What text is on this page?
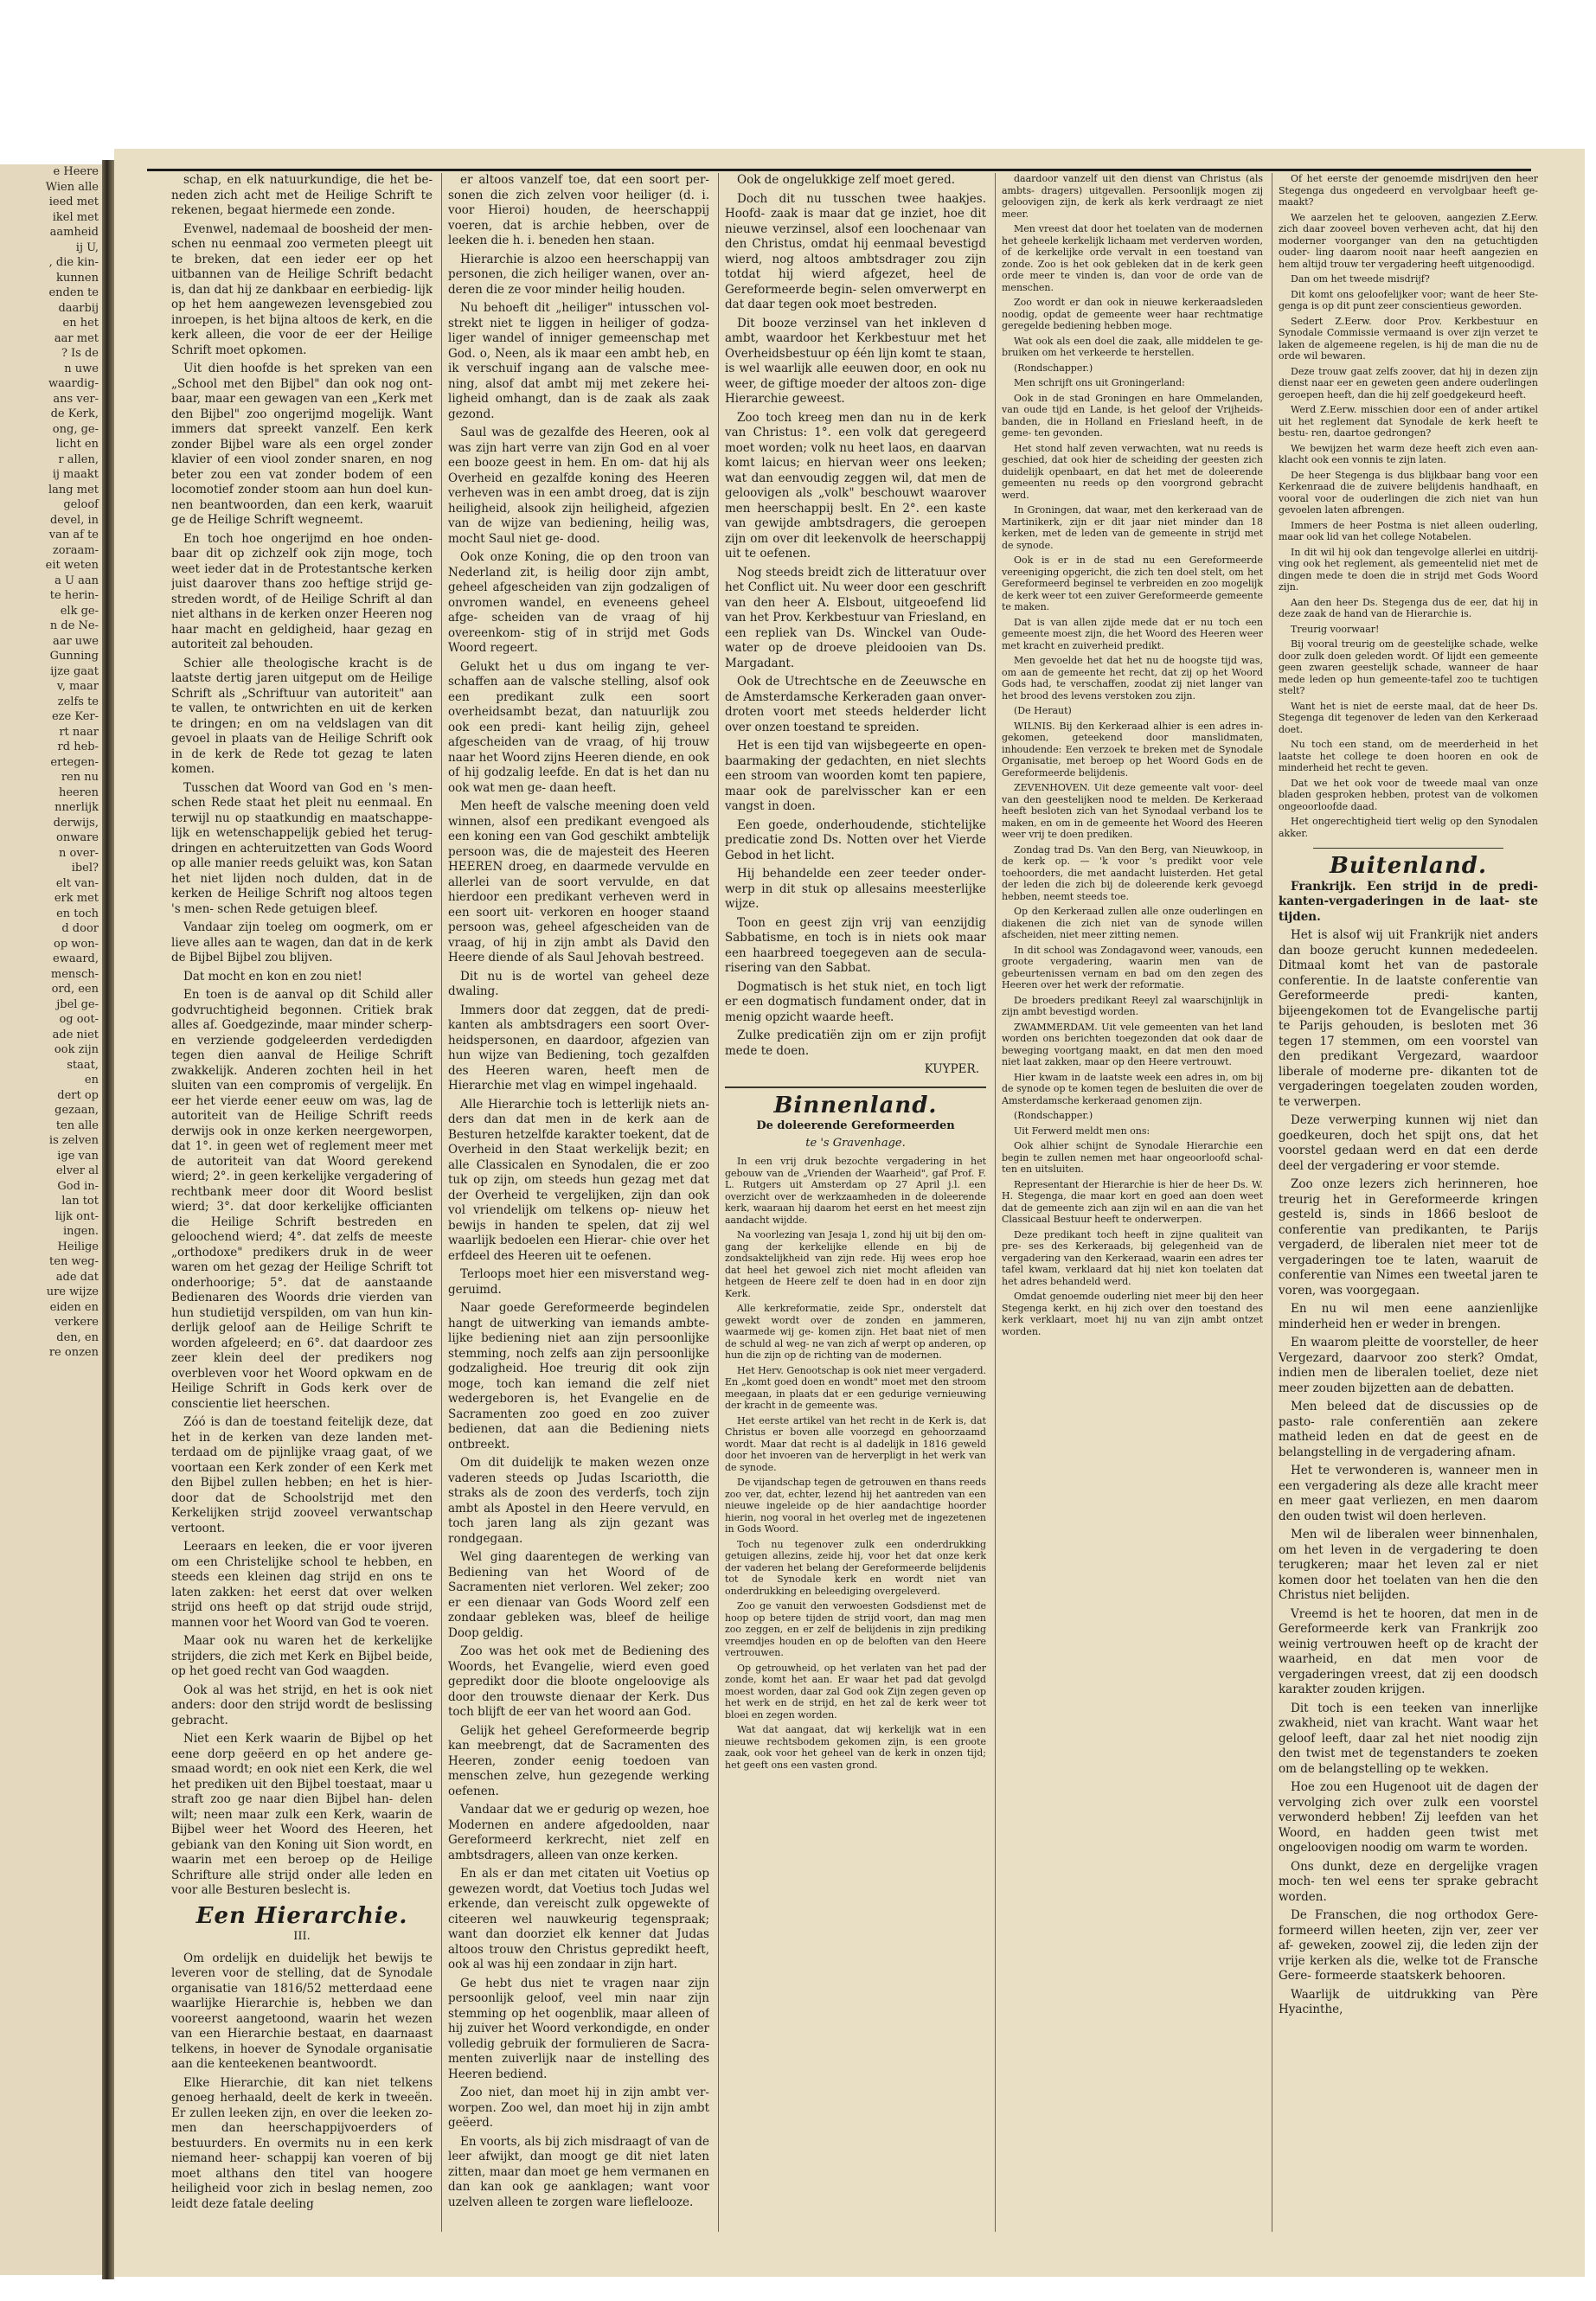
e Heere
Wien alle
ieed met
ikel met
aamheid
ij U,
, die kin-
kunnen
enden te
daarbij
en het
aar met
? Is de
n uwe
waardig-
ans ver-
de Kerk,
ong, ge-
licht en
r allen,
ij maakt
lang met
geloof
devel, in
van af te
zoraam-
eit weten
a U aan
te herin-
elk ge-
n de Ne-
aar uwe
Gunning
ijze gaat
v, maar
zelfs te
eze Ker-
rt naar
rd heb-
ertegen-
ren nu
heeren
nnerlijk
derwijs,
onware
n over-
ibel?
elt van-
erk met
en toch
d door
op won-
ewaard,
mensch-
ord, een
jbel ge-
og oot-
ade niet
ook zijn
staat,
en
dert op
gezaan,
ten alle
is zelven
ige van
elver al
God in-
lan tot
lijk ont-
ingen.
Heilige
ten weg-
ade dat
ure wijze
eiden en
verkere
den, en
re onzen

schap, en elk natuurkundige, die het be- neden zich acht met de Heilige Schrift te rekenen, begaat hiermede een zonde.

Evenwel, nademaal de boosheid der men- schen nu eenmaal zoo vermeten pleegt uit te breken, dat een ieder eer op het uitbannen van de Heilige Schrift bedacht is, dan dat hij ze dankbaar en eerbiedig- lijk op het hem aangewezen levensgebied zou inroepen, is het bijna altoos de kerk, en die kerk alleen, die voor de eer der Heilige Schrift moet opkomen.

Uit dien hoofde is het spreken van een „School met den Bijbel" dan ook nog ont- baar, maar een gewagen van een „Kerk met den Bijbel" zoo ongerijmd mogelijk. Want immers dat spreekt vanzelf. Een kerk zonder Bijbel ware als een orgel zonder klavier of een viool zonder snaren, en nog beter zou een vat zonder bodem of een locomotief zonder stoom aan hun doel kun- nen beantwoorden, dan een kerk, waaruit ge de Heilige Schrift wegneemt.

En toch hoe ongerijmd en hoe onden- baar dit op zichzelf ook zijn moge, toch weet ieder dat in de Protestantsche kerken juist daarover thans zoo heftige strijd ge- streden wordt, of de Heilige Schrift al dan niet althans in de kerken onzer Heeren nog haar macht en geldigheid, haar gezag en autoriteit zal behouden.

Schier alle theologische kracht is de laatste dertig jaren uitgeput om de Heilige Schrift als „Schriftuur van autoriteit" aan te vallen, te ontwrichten en uit de kerken te dringen; en om na veldslagen van dit gevoel in plaats van de Heilige Schrift ook in de kerk de Rede tot gezag te laten komen.

Tusschen dat Woord van God en 's men- schen Rede staat het pleit nu eenmaal. En terwijl nu op staatkundig en maatschappe- lijk en wetenschappelijk gebied het terug- dringen en achteruitzetten van Gods Woord op alle manier reeds geluikt was, kon Satan het niet lijden noch dulden, dat in de kerken de Heilige Schrift nog altoos tegen 's men- schen Rede getuigen bleef.

Vandaar zijn toeleg om oogmerk, om er lieve alles aan te wagen, dan dat in de kerk de Bijbel Bijbel zou blijven.

Dat mocht en kon en zou niet!

En toen is de aanval op dit Schild aller godvruchtigheid begonnen. Critiek brak alles af. Goedgezinde, maar minder scherp- en verziende godgeleerden verdedigden tegen dien aanval de Heilige Schrift zwakkelijk. Anderen zochten heil in het sluiten van een compromis of vergelijk. En eer het vierde eener eeuw om was, lag de autoriteit van de Heilige Schrift reeds derwijs ook in onze kerken neergeworpen, dat 1°. in geen wet of reglement meer met de autoriteit van dat Woord gerekend wierd; 2°. in geen kerkelijke vergadering of rechtbank meer door dit Woord beslist wierd; 3°. dat door kerkelijke officianten die Heilige Schrift bestreden en geloochend wierd; 4°. dat zelfs de meeste „orthodoxe" predikers druk in de weer waren om het gezag der Heilige Schrift tot onderhoorige; 5°. dat de aanstaande Bedienaren des Woords drie vierden van hun studietijd verspilden, om van hun kin- derlijk geloof aan de Heilige Schrift te worden afgeleerd; en 6°. dat daardoor zes zeer klein deel der predikers nog overbleven voor het Woord opkwam en de Heilige Schrift in Gods kerk over de conscientie liet heerschen.

Zóó is dan de toestand feitelijk deze, dat het in de kerken van deze landen met- terdaad om de pijnlijke vraag gaat, of we voortaan een Kerk zonder of een Kerk met den Bijbel zullen hebben; en het is hier- door dat de Schoolstrijd met den Kerkelijken strijd zooveel verwantschap vertoont.

Leeraars en leeken, die er voor ijveren om een Christelijke school te hebben, en steeds een kleinen dag strijd en ons te laten zakken: het eerst dat over welken strijd ons heeft op dat strijd oude strijd, mannen voor het Woord van God te voeren.

Maar ook nu waren het de kerkelijke strijders, die zich met Kerk en Bijbel beide, op het goed recht van God waagden.

Ook al was het strijd, en het is ook niet anders: door den strijd wordt de beslissing gebracht.

Niet een Kerk waarin de Bijbel op het eene dorp geëerd en op het andere ge- smaad wordt; en ook niet een Kerk, die wel het prediken uit den Bijbel toestaat, maar u straft zoo ge naar dien Bijbel han- delen wilt; neen maar zulk een Kerk, waarin de Bijbel weer het Woord des Heeren, het gebiank van den Koning uit Sion wordt, en waarin met een beroep op de Heilige Schrifture alle strijd onder alle leden en voor alle Besturen beslecht is.

Een Hierarchie.
III.

Om ordelijk en duidelijk het bewijs te leveren voor de stelling, dat de Synodale organisatie van 1816/52 metterdaad eene waarlijke Hierarchie is, hebben we dan vooreerst aangetoond, waarin het wezen van een Hierarchie bestaat, en daarnaast telkens, in hoever de Synodale organisatie aan die kenteekenen beantwoordt.

Elke Hierarchie, dit kan niet telkens genoeg herhaald, deelt de kerk in tweeën. Er zullen leeken zijn, en over die leeken zo- men dan heerschappijvoerders of bestuurders. En overmits nu in een kerk niemand heer- schappij kan voeren of bij moet althans den titel van hoogere heiligheid voor zich in beslag nemen, zoo leidt deze fatale deeling

er altoos vanzelf toe, dat een soort per- sonen die zich zelven voor heiliger (d. i. voor Hieroi) houden, de heerschappij voeren, dat is archie hebben, over de leeken die h. i. beneden hen staan.

Hierarchie is alzoo een heerschappij van personen, die zich heiliger wanen, over an- deren die ze voor minder heilig houden.

Nu behoeft dit „heiliger" intusschen vol- strekt niet te liggen in heiliger of godza- liger wandel of inniger gemeenschap met God. o, Neen, als ik maar een ambt heb, en ik verschuif ingang aan de valsche mee- ning, alsof dat ambt mij met zekere hei- ligheid omhangt, dan is de zaak als zaak gezond.

Saul was de gezalfde des Heeren, ook al was zijn hart verre van zijn God en al voer een booze geest in hem. En om- dat hij als Overheid en gezalfde koning des Heeren verheven was in een ambt droeg, dat is zijn heiligheid, alsook zijn heiligheid, afgezien van de wijze van bediening, heilig was, mocht Saul niet ge- dood.

Ook onze Koning, die op den troon van Nederland zit, is heilig door zijn ambt, geheel afgescheiden van zijn godzaligen of onvromen wandel, en eveneens geheel afge- scheiden van de vraag of hij overeenkom- stig of in strijd met Gods Woord regeert.

Gelukt het u dus om ingang te ver- schaffen aan de valsche stelling, alsof ook een predikant zulk een soort overheidsambt bezat, dan natuurlijk zou ook een predi- kant heilig zijn, geheel afgescheiden van de vraag, of hij trouw naar het Woord zijns Heeren diende, en ook of hij godzalig leefde. En dat is het dan nu ook wat men ge- daan heeft.

Men heeft de valsche meening doen veld winnen, alsof een predikant evengoed als een koning een van God geschikt ambtelijk persoon was, die de majesteit des Heeren HEEREN droeg, en daarmede vervulde en allerlei van de soort vervulde, en dat hierdoor een predikant verheven werd in een soort uit- verkoren en hooger staand persoon was, geheel afgescheiden van de vraag, of hij in zijn ambt als David den Heere diende of als Saul Jehovah bestreed.

Dit nu is de wortel van geheel deze dwaling.

Immers door dat zeggen, dat de predi- kanten als ambtsdragers een soort Over- heidspersonen, en daardoor, afgezien van hun wijze van Bediening, toch gezalfden des Heeren waren, heeft men de Hierarchie met vlag en wimpel ingehaald.

Alle Hierarchie toch is letterlijk niets an- ders dan dat men in de kerk aan de Besturen hetzelfde karakter toekent, dat de Overheid in den Staat werkelijk bezit; en alle Classicalen en Synodalen, die er zoo tuk op zijn, om steeds hun gezag met dat der Overheid te vergelijken, zijn dan ook vol vriendelijk om telkens op- nieuw het bewijs in handen te spelen, dat zij wel waarlijk bedoelen een Hierar- chie over het erfdeel des Heeren uit te oefenen.

Terloops moet hier een misverstand weg- geruimd.

Naar goede Gereformeerde begindelen hangt de uitwerking van iemands ambte- lijke bediening niet aan zijn persoonlijke stemming, noch zelfs aan zijn persoonlijke godzaligheid. Hoe treurig dit ook zijn moge, toch kan iemand die zelf niet wedergeboren is, het Evangelie en de Sacramenten zoo goed en zoo zuiver bedienen, dat aan die Bediening niets ontbreekt.

Om dit duidelijk te maken wezen onze vaderen steeds op Judas Iscariotth, die straks als de zoon des verderfs, toch zijn ambt als Apostel in den Heere vervuld, en toch jaren lang als zijn gezant was rondgegaan.

Wel ging daarentegen de werking van Bediening van het Woord of de Sacramenten niet verloren. Wel zeker; zoo er een dienaar van Gods Woord zelf een zondaar gebleken was, bleef de heilige Doop geldig.

Zoo was het ook met de Bediening des Woords, het Evangelie, wierd even goed gepredikt door die bloote ongeloovige als door den trouwste dienaar der Kerk. Dus toch blijft de eer van het woord aan God.

Gelijk het geheel Gereformeerde begrip kan meebrengt, dat de Sacramenten des Heeren, zonder eenig toedoen van menschen zelve, hun gezegende werking oefenen.

Vandaar dat we er gedurig op wezen, hoe Modernen en andere afgedoolden, naar Gereformeerd kerkrecht, niet zelf en ambtsdragers, alleen van onze kerken.

En als er dan met citaten uit Voetius op gewezen wordt, dat Voetius toch Judas wel erkende, dan vereischt zulk opgewekte of citeeren wel nauwkeurig tegenspraak; want dan doorziet elk kenner dat Judas altoos trouw den Christus gepredikt heeft, ook al was hij een zondaar in zijn hart.

Ge hebt dus niet te vragen naar zijn persoonlijk geloof, veel min naar zijn stemming op het oogenblik, maar alleen of hij zuiver het Woord verkondigde, en onder volledig gebruik der formulieren de Sacra- menten zuiverlijk naar de instelling des Heeren bediend.

Zoo niet, dan moet hij in zijn ambt ver- worpen. Zoo wel, dan moet hij in zijn ambt geëerd.

En voorts, als bij zich misdraagt of van de leer afwijkt, dan moogt ge dit niet laten zitten, maar dan moet ge hem vermanen en dan kan ook ge aanklagen; want voor uzelven alleen te zorgen ware lieflelooze.

Ook de ongelukkige zelf moet gered.

Doch dit nu tusschen twee haakjes. Hoofd- zaak is maar dat ge inziet, hoe dit nieuwe verzinsel, alsof een loochenaar van den Christus, omdat hij eenmaal bevestigd wierd, nog altoos ambtsdrager zou zijn totdat hij wierd afgezet, heel de Gereformeerde begin- selen omverwerpt en dat daar tegen ook moet bestreden.

Dit booze verzinsel van het inkleven d ambt, waardoor het Kerkbestuur met het Overheidsbestuur op één lijn komt te staan, is wel waarlijk alle eeuwen door, en ook nu weer, de giftige moeder der altoos zon- dige Hierarchie geweest.

Zoo toch kreeg men dan nu in de kerk van Christus: 1°. een volk dat geregeerd moet worden; volk nu heet laos, en daarvan komt laicus; en hiervan weer ons leeken; wat dan eenvoudig zeggen wil, dat men de geloovigen als „volk" beschouwt waarover men heerschappij beslt. En 2°. een kaste van gewijde ambtsdragers, die geroepen zijn om over dit leekenvolk de heerschappij uit te oefenen.

Nog steeds breidt zich de litteratuur over het Conflict uit. Nu weer door een geschrift van den heer A. Elsbout, uitgeoefend lid van het Prov. Kerkbestuur van Friesland, en een repliek van Ds. Winckel van Oude- water op de droeve pleidooien van Ds. Margadant.

Ook de Utrechtsche en de Zeeuwsche en de Amsterdamsche Kerkeraden gaan onver- droten voort met steeds helderder licht over onzen toestand te spreiden.

Het is een tijd van wijsbegeerte en open- baarmaking der gedachten, en niet slechts een stroom van woorden komt ten papiere, maar ook de parelvisscher kan er een vangst in doen.

Een goede, onderhoudende, stichtelijke predicatie zond Ds. Notten over het Vierde Gebod in het licht.

Hij behandelde een zeer teeder onder- werp in dit stuk op allesains meesterlijke wijze.

Toon en geest zijn vrij van eenzijdig Sabbatisme, en toch is in niets ook maar een haarbreed toegegeven aan de secula- risering van den Sabbat.

Dogmatisch is het stuk niet, en toch ligt er een dogmatisch fundament onder, dat in menig opzicht waarde heeft.

Zulke predicatiën zijn om er zijn profijt mede te doen.

KUYPER.
Binnenland.
De doleerende Gereformeerden
te 's Gravenhage.

In een vrij druk bezochte vergadering in het gebouw van de „Vrienden der Waarheid", gaf Prof. F. L. Rutgers uit Amsterdam op 27 April j.l. een overzicht over de werkzaamheden in de doleerende kerk, waaraan hij daarom het eerst en het meest zijn aandacht wijdde.

Na voorlezing van Jesaja 1, zond hij uit bij den om- gang der kerkelijke ellende en bij de zondsaktelijkheid van zijn rede. Hij wees erop hoe dat heel het gewoel zich niet mocht afleiden van hetgeen de Heere zelf te doen had in en door zijn Kerk.

Alle kerkreformatie, zeide Spr., onderstelt dat gewekt wordt over de zonden en jammeren, waarmede wij ge- komen zijn. Het baat niet of men de schuld al weg- ne van zich af werpt op anderen, op hun die zijn op de richting van de modernen.

Het Herv. Genootschap is ook niet meer vergaderd. En „komt goed doen en wondt" moet met den stroom meegaan, in plaats dat er een gedurige vernieuwing der kracht in de gemeente was.

Het eerste artikel van het recht in de Kerk is, dat Christus er boven alle voorzegd en gehoorzaamd wordt. Maar dat recht is al dadelijk in 1816 geweld door het invoeren van de herverpligt in het werk van de synode.

De vijandschap tegen de getrouwen en thans reeds zoo ver, dat, echter, lezend hij het aantreden van een nieuwe ingeleide op de hier aandachtige hoorder hierin, nog vooral in het overleg met de ingezetenen in Gods Woord.

Toch nu tegenover zulk een onderdrukking getuigen allezins, zeide hij, voor het dat onze kerk der vaderen het belang der Gereformeerde belijdenis tot de Synodale kerk en wordt niet van onderdrukking en beleediging overgeleverd.

Zoo ge vanuit den verwoesten Godsdienst met de hoop op betere tijden de strijd voort, dan mag men zoo zeggen, en er zelf de belijdenis in zijn prediking vreemdjes houden en op de beloften van den Heere vertrouwen.

Op getrouwheid, op het verlaten van het pad der zonde, komt het aan. Er waar het pad dat gevolgd moest worden, daar zal God ook Zijn zegen geven op het werk en de strijd, en het zal de kerk weer tot bloei en zegen worden.

Wat dat aangaat, dat wij kerkelijk wat in een nieuwe rechtsbodem gekomen zijn, is een groote zaak, ook voor het geheel van de kerk in onzen tijd; het geeft ons een vasten grond.

daardoor vanzelf uit den dienst van Christus (als ambts- dragers) uitgevallen. Persoonlijk mogen zij geloovigen zijn, de kerk als kerk verdraagt ze niet meer.

Men vreest dat door het toelaten van de modernen het geheele kerkelijk lichaam met verderven worden, of de kerkelijke orde vervalt in een toestand van zonde. Zoo is het ook gebleken dat in de kerk geen orde meer te vinden is, dan voor de orde van de menschen.

Zoo wordt er dan ook in nieuwe kerkeraadsleden noodig, opdat de gemeente weer haar rechtmatige geregelde bediening hebben moge.

Wat ook als een doel die zaak, alle middelen te ge- bruiken om het verkeerde te herstellen.

(Rondschapper.)

Men schrijft ons uit Groningerland:

Ook in de stad Groningen en hare Ommelanden, van oude tijd en Lande, is het geloof der Vrijheids- banden, die in Holland en Friesland heeft, in de geme- ten gevonden.

Het stond half zeven verwachten, wat nu reeds is geschied, dat ook hier de scheiding der geesten zich duidelijk openbaart, en dat het met de doleerende gemeenten nu reeds op den voorgrond gebracht werd.

In Groningen, dat waar, met den kerkeraad van de Martinikerk, zijn er dit jaar niet minder dan 18 kerken, met de leden van de gemeente in strijd met de synode.

Ook is er in de stad nu een Gereformeerde vereeniging opgericht, die zich ten doel stelt, om het Gereformeerd beginsel te verbreiden en zoo mogelijk de kerk weer tot een zuiver Gereformeerde gemeente te maken.

Dat is van allen zijde mede dat er nu toch een gemeente moest zijn, die het Woord des Heeren weer met kracht en zuiverheid predikt.

Men gevoelde het dat het nu de hoogste tijd was, om aan de gemeente het recht, dat zij op het Woord Gods had, te verschaffen, zoodat zij niet langer van het brood des levens verstoken zou zijn.

(De Heraut)

WILNIS. Bij den Kerkeraad alhier is een adres in- gekomen, geteekend door manslidmaten, inhoudende: Een verzoek te breken met de Synodale Organisatie, met beroep op het Woord Gods en de Gereformeerde belijdenis.

ZEVENHOVEN. Uit deze gemeente valt voor- deel van den geestelijken nood te melden. De Kerkeraad heeft besloten zich van het Synodaal verband los te maken, en om in de gemeente het Woord des Heeren weer vrij te doen prediken.

Zondag trad Ds. Van den Berg, van Nieuwkoop, in de kerk op. — 'k voor 's predikt voor vele toehoorders, die met aandacht luisterden. Het getal der leden die zich bij de doleerende kerk gevoegd hebben, neemt steeds toe.

Op den Kerkeraad zullen alle onze ouderlingen en diakenen die zich niet van de synode willen afscheiden, niet meer zitting nemen.

In dit school was Zondagavond weer, vanouds, een groote vergadering, waarin men van de gebeurtenissen vernam en bad om den zegen des Heeren over het werk der reformatie.

De broeders predikant Reeyl zal waarschijnlijk in zijn ambt bevestigd worden.

ZWAMMERDAM. Uit vele gemeenten van het land worden ons berichten toegezonden dat ook daar de beweging voortgang maakt, en dat men den moed niet laat zakken, maar op den Heere vertrouwt.

Hier kwam in de laatste week een adres in, om bij de synode op te komen tegen de besluiten die over de Amsterdamsche kerkeraad genomen zijn.

(Rondschapper.)

Uit Ferwerd meldt men ons:

Ook alhier schijnt de Synodale Hierarchie een begin te zullen nemen met haar ongeoorloofd schal- ten en uitsluiten.

Representant der Hierarchie is hier de heer Ds. W. H. Stegenga, die maar kort en goed aan doen weet dat de gemeente zich aan zijn wil en aan die van het Classicaal Bestuur heeft te onderwerpen.

Deze predikant toch heeft in zijne qualiteit van pre- ses des Kerkeraads, bij gelegenheid van de vergadering van den Kerkeraad, waarin een adres ter tafel kwam, verklaard dat hij niet kon toelaten dat het adres behandeld werd.

Omdat genoemde ouderling niet meer bij den heer Stegenga kerkt, en hij zich over den toestand des kerk verklaart, moet hij nu van zijn ambt ontzet worden.

Of het eerste der genoemde misdrijven den heer Stegenga dus ongedeerd en vervolgbaar heeft ge- maakt?

We aarzelen het te gelooven, aangezien Z.Eerw. zich daar zooveel boven verheven acht, dat hij den moderner voorganger van den na getuchtigden ouder- ling daarom nooit naar heeft aangezien en hem altijd trouw ter vergadering heeft uitgenoodigd.

Dan om het tweede misdrijf?

Dit komt ons geloofelijker voor; want de heer Ste- genga is op dit punt zeer conscientieus geworden.

Sedert Z.Eerw. door Prov. Kerkbestuur en Synodale Commissie vermaand is over zijn verzet te laken de algemeene regelen, is hij de man die nu de orde wil bewaren.

Deze trouw gaat zelfs zoover, dat hij in dezen zijn dienst naar eer en geweten geen andere ouderlingen geroepen heeft, dan die hij zelf goedgekeurd heeft.

Werd Z.Eerw. misschien door een of ander artikel uit het reglement dat Synodale de kerk heeft te bestu- ren, daartoe gedrongen?

We bewijzen het warm deze heeft zich even aan- klacht ook een vonnis te zijn laten.

De heer Stegenga is dus blijkbaar bang voor een Kerkenraad die de zuivere belijdenis handhaaft, en vooral voor de ouderlingen die zich niet van hun gevoelen laten afbrengen.

Immers de heer Postma is niet alleen ouderling, maar ook lid van het college Notabelen.

In dit wil hij ook dan tengevolge allerlei en uitdrij- ving ook het reglement, als gemeentelid niet met de dingen mede te doen die in strijd met Gods Woord zijn.

Aan den heer Ds. Stegenga dus de eer, dat hij in deze zaak de hand van de Hierarchie is.

Treurig voorwaar!

Bij vooral treurig om de geestelijke schade, welke door zulk doen geleden wordt. Of lijdt een gemeente geen zwaren geestelijk schade, wanneer de haar mede leden op hun gemeente-tafel zoo te tuchtigen stelt?

Want het is niet de eerste maal, dat de heer Ds. Stegenga dit tegenover de leden van den Kerkeraad doet.

Nu toch een stand, om de meerderheid in het laatste het college te doen hooren en ook de minderheid het recht te geven.

Dat we het ook voor de tweede maal van onze bladen gesproken hebben, protest van de volkomen ongeoorloofde daad.

Het ongerechtigheid tiert welig op den Synodalen akker.

Buitenland.

Frankrijk. Een strijd in de predi- kanten-vergaderingen in de laat- ste tijden.

Het is alsof wij uit Frankrijk niet anders dan booze gerucht kunnen mededeelen. Ditmaal komt het van de pastorale conferentie. In de laatste conferentie van Gereformeerde predi- kanten, bijeengekomen tot de Evangelische partij te Parijs gehouden, is besloten met 36 tegen 17 stemmen, om een voorstel van den predikant Vergezard, waardoor liberale of moderne pre- dikanten tot de vergaderingen toegelaten zouden worden, te verwerpen.

Deze verwerping kunnen wij niet dan goedkeuren, doch het spijt ons, dat het voorstel gedaan werd en dat een derde deel der vergadering er voor stemde.

Zoo onze lezers zich herinneren, hoe treurig het in Gereformeerde kringen gesteld is, sinds in 1866 besloot de conferentie van predikanten, te Parijs vergaderd, de liberalen niet meer tot de vergaderingen toe te laten, waaruit de conferentie van Nimes een tweetal jaren te voren, was voorgegaan.

En nu wil men eene aanzienlijke minderheid hen er weder in brengen.

En waarom pleitte de voorsteller, de heer Vergezard, daarvoor zoo sterk? Omdat, indien men de liberalen toeliet, deze niet meer zouden bijzetten aan de debatten.

Men beleed dat de discussies op de pasto- rale conferentiën aan zekere matheid leden en dat de geest en de belangstelling in de vergadering afnam.

Het te verwonderen is, wanneer men in een vergadering als deze alle kracht meer en meer gaat verliezen, en men daarom den ouden twist wil doen herleven.

Men wil de liberalen weer binnenhalen, om het leven in de vergadering te doen terugkeren; maar het leven zal er niet komen door het toelaten van hen die den Christus niet belijden.

Vreemd is het te hooren, dat men in de Gereformeerde kerk van Frankrijk zoo weinig vertrouwen heeft op de kracht der waarheid, en dat men voor de vergaderingen vreest, dat zij een doodsch karakter zouden krijgen.

Dit toch is een teeken van innerlijke zwakheid, niet van kracht. Want waar het geloof leeft, daar zal het niet noodig zijn den twist met de tegenstanders te zoeken om de belangstelling op te wekken.

Hoe zou een Hugenoot uit de dagen der vervolging zich over zulk een voorstel verwonderd hebben! Zij leefden van het Woord, en hadden geen twist met ongeloovigen noodig om warm te worden.

Ons dunkt, deze en dergelijke vragen moch- ten wel eens ter sprake gebracht worden.

De Franschen, die nog orthodox Gere- formeerd willen heeten, zijn ver, zeer ver af- geweken, zoowel zij, die leden zijn der vrije kerken als die, welke tot de Fransche Gere- formeerde staatskerk behooren.

Waarlijk de uitdrukking van Père Hyacinthe,
